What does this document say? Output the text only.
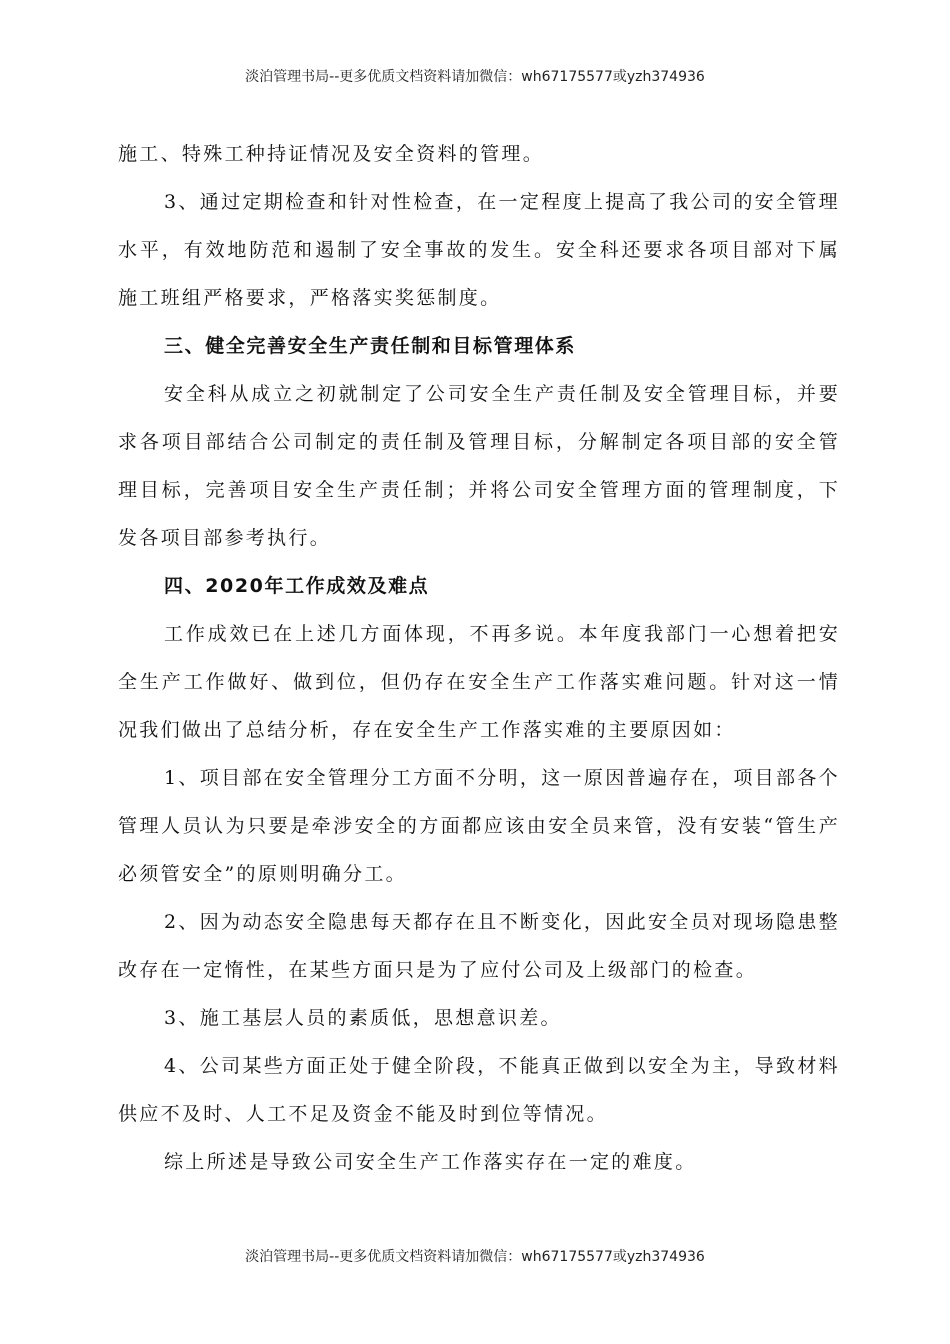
淡泊管理书局--更多优质文档资料请加微信：wh67175577或yzh374936

施工、特殊工种持证情况及安全资料的管理。

3、通过定期检查和针对性检查，在一定程度上提高了我公司的安全管理水平，有效地防范和遏制了安全事故的发生。安全科还要求各项目部对下属施工班组严格要求，严格落实奖惩制度。

三、健全完善安全生产责任制和目标管理体系

安全科从成立之初就制定了公司安全生产责任制及安全管理目标，并要求各项目部结合公司制定的责任制及管理目标，分解制定各项目部的安全管理目标，完善项目安全生产责任制；并将公司安全管理方面的管理制度，下发各项目部参考执行。

四、2020年工作成效及难点

工作成效已在上述几方面体现，不再多说。本年度我部门一心想着把安全生产工作做好、做到位，但仍存在安全生产工作落实难问题。针对这一情况我们做出了总结分析，存在安全生产工作落实难的主要原因如：

1、项目部在安全管理分工方面不分明，这一原因普遍存在，项目部各个管理人员认为只要是牵涉安全的方面都应该由安全员来管，没有安装“管生产必须管安全”的原则明确分工。

2、因为动态安全隐患每天都存在且不断变化，因此安全员对现场隐患整改存在一定惰性，在某些方面只是为了应付公司及上级部门的检查。

3、施工基层人员的素质低，思想意识差。

4、公司某些方面正处于健全阶段，不能真正做到以安全为主，导致材料供应不及时、人工不足及资金不能及时到位等情况。

综上所述是导致公司安全生产工作落实存在一定的难度。

淡泊管理书局--更多优质文档资料请加微信：wh67175577或yzh374936
